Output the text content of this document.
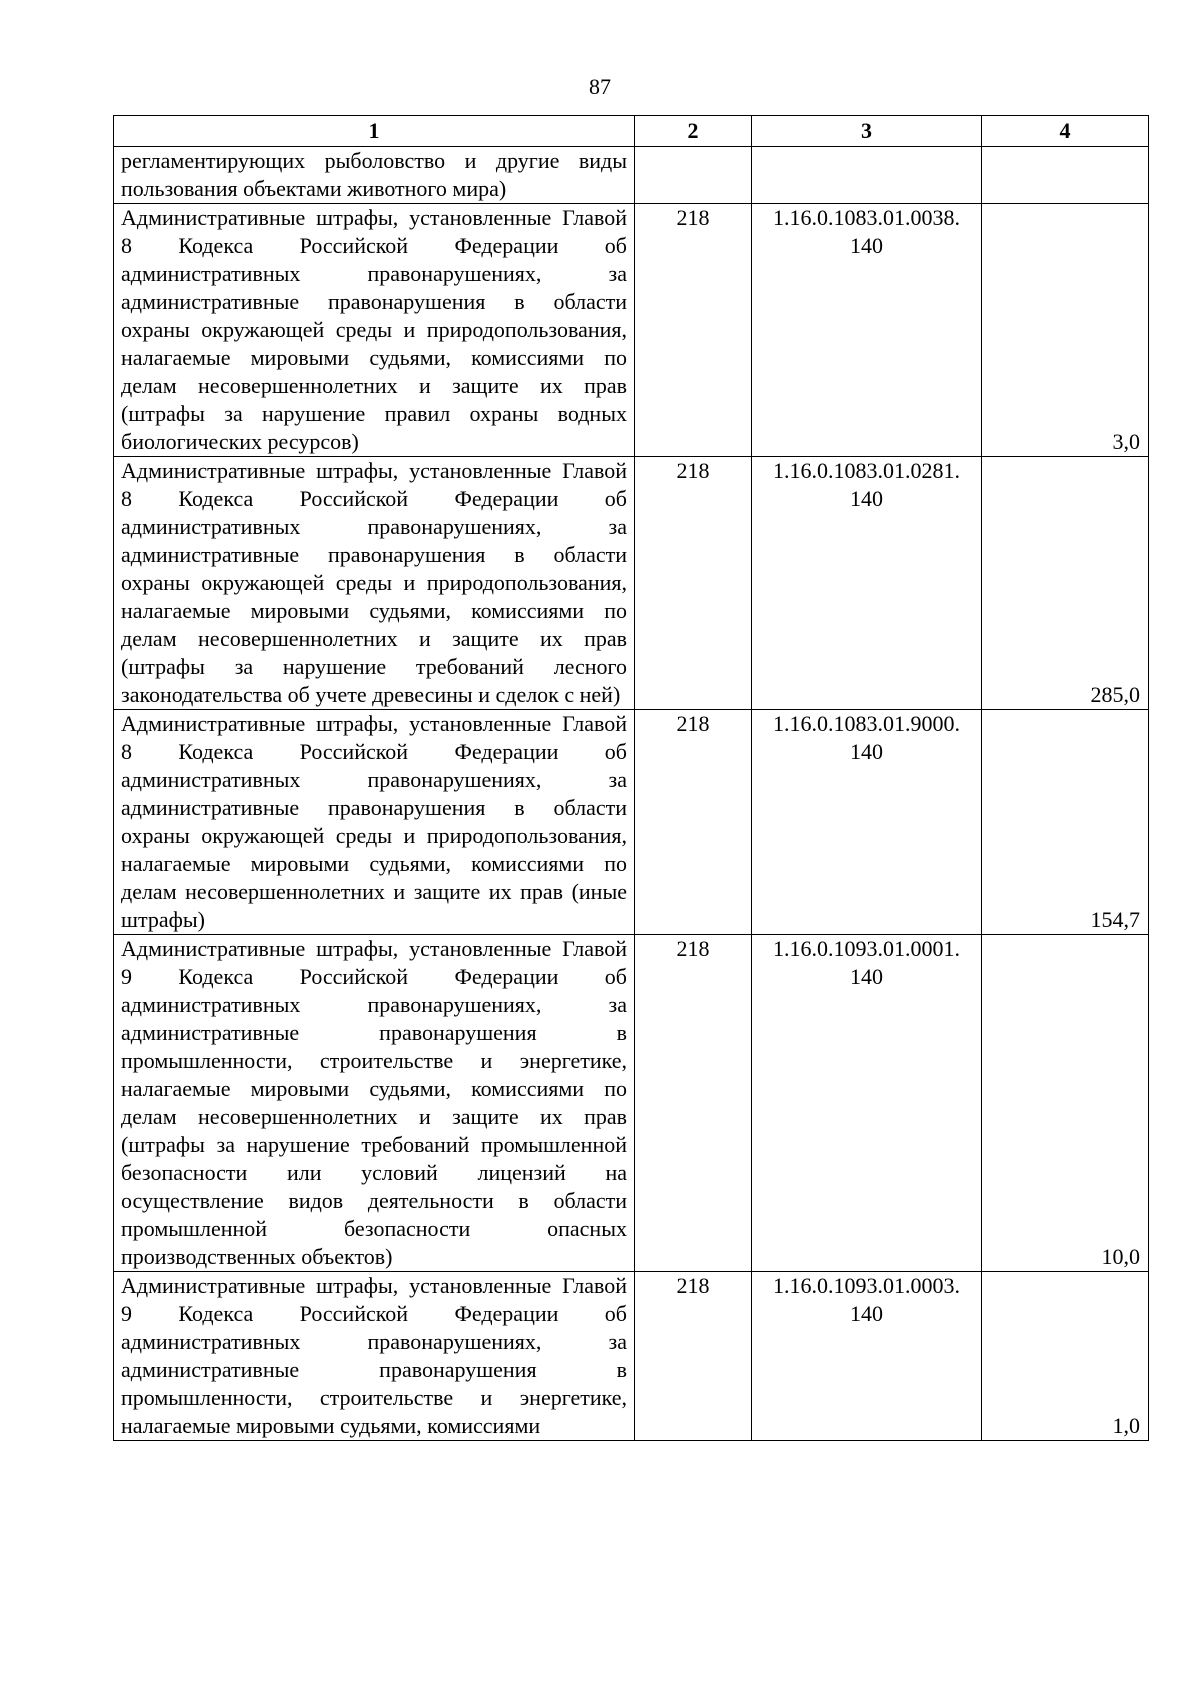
87
1	2	3	4
регламентирующих рыболовство и другие виды пользования объектами животного мира)			
Административные штрафы, установленные Главой 8 Кодекса Российской Федерации об административных правонарушениях, за административные правонарушения в области охраны окружающей среды и природопользования, налагаемые мировыми судьями, комиссиями по делам несовершеннолетних и защите их прав (штрафы за нарушение правил охраны водных биологических ресурсов)	218	1.16.0.1083.01.0038. 140	3,0
Административные штрафы, установленные Главой 8 Кодекса Российской Федерации об административных правонарушениях, за административные правонарушения в области охраны окружающей среды и природопользования, налагаемые мировыми судьями, комиссиями по делам несовершеннолетних и защите их прав (штрафы за нарушение требований лесного законодательства об учете древесины и сделок с ней)	218	1.16.0.1083.01.0281. 140	285,0
Административные штрафы, установленные Главой 8 Кодекса Российской Федерации об административных правонарушениях, за административные правонарушения в области охраны окружающей среды и природопользования, налагаемые мировыми судьями, комиссиями по делам несовершеннолетних и защите их прав (иные штрафы)	218	1.16.0.1083.01.9000. 140	154,7
Административные штрафы, установленные Главой 9 Кодекса Российской Федерации об административных правонарушениях, за административные правонарушения в промышленности, строительстве и энергетике, налагаемые мировыми судьями, комиссиями по делам несовершеннолетних и защите их прав (штрафы за нарушение требований промышленной безопасности или условий лицензий на осуществление видов деятельности в области промышленной безопасности опасных производственных объектов)	218	1.16.0.1093.01.0001. 140	10,0
Административные штрафы, установленные Главой 9 Кодекса Российской Федерации об административных правонарушениях, за административные правонарушения в промышленности, строительстве и энергетике, налагаемые мировыми судьями, комиссиями	218	1.16.0.1093.01.0003. 140	1,0
